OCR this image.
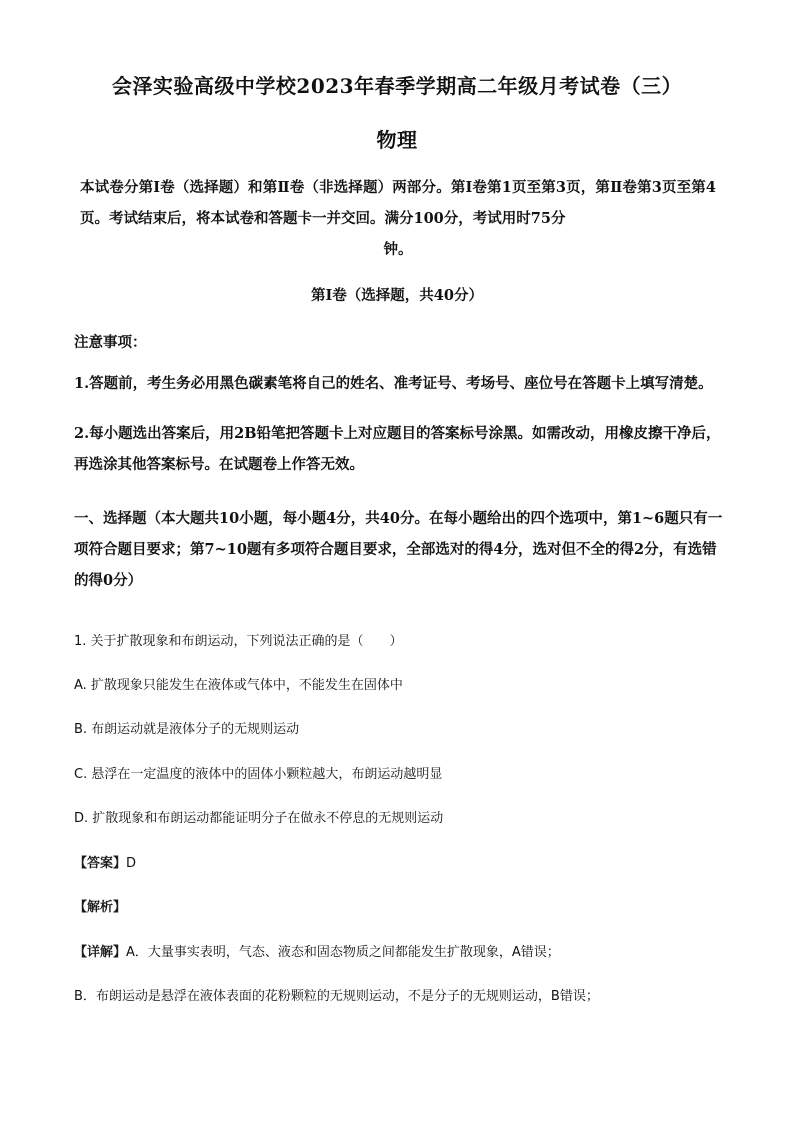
会泽实验高级中学校2023年春季学期高二年级月考试卷（三）
物理
本试卷分第Ⅰ卷（选择题）和第Ⅱ卷（非选择题）两部分。第Ⅰ卷第1页至第3页，第Ⅱ卷第3页至第4页。考试结束后，将本试卷和答题卡一并交回。满分100分，考试用时75分
钟。
第Ⅰ卷（选择题，共40分）
注意事项：
1.答题前，考生务必用黑色碳素笔将自己的姓名、准考证号、考场号、座位号在答题卡上填写清楚。
2.每小题选出答案后，用2B铅笔把答题卡上对应题目的答案标号涂黑。如需改动，用橡皮擦干净后，再选涂其他答案标号。在试题卷上作答无效。
一、选择题（本大题共10小题，每小题4分，共40分。在每小题给出的四个选项中，第1~6题只有一项符合题目要求；第7~10题有多项符合题目要求，全部选对的得4分，选对但不全的得2分，有选错的得0分）
1. 关于扩散现象和布朗运动，下列说法正确的是（　　）
A. 扩散现象只能发生在液体或气体中，不能发生在固体中
B. 布朗运动就是液体分子的无规则运动
C. 悬浮在一定温度的液体中的固体小颗粒越大，布朗运动越明显
D. 扩散现象和布朗运动都能证明分子在做永不停息的无规则运动
【答案】D
【解析】
【详解】A．大量事实表明，气态、液态和固态物质之间都能发生扩散现象，A错误；
B．布朗运动是悬浮在液体表面的花粉颗粒的无规则运动，不是分子的无规则运动，B错误；
